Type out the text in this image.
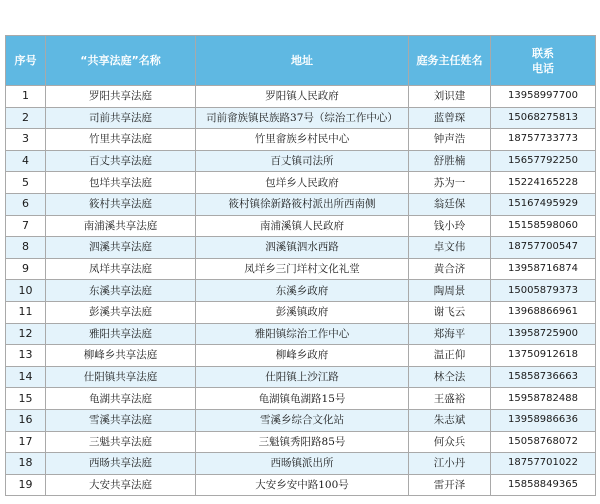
序号	“共享法庭”名称	地址	庭务主任姓名	联系
电话

1	罗阳共享法庭	罗阳镇人民政府	刘识建	13958997700
2	司前共享法庭	司前畲族镇民族路37号（综治工作中心）	蓝曾琛	15068275813
3	竹里共享法庭	竹里畲族乡村民中心	钟声浩	18757733773
4	百丈共享法庭	百丈镇司法所	舒胜楠	15657792250
5	包垟共享法庭	包垟乡人民政府	苏为一	15224165228
6	筱村共享法庭	筱村镇徐新路筱村派出所西南侧	翁廷保	15167495929
7	南浦溪共享法庭	南浦溪镇人民政府	钱小玲	15158598060
8	泗溪共享法庭	泗溪镇泗水西路	卓文伟	18757700547
9	凤垟共享法庭	凤垟乡三门垟村文化礼堂	黄合济	13958716874
10	东溪共享法庭	东溪乡政府	陶周景	15005879373
11	彭溪共享法庭	彭溪镇政府	谢飞云	13968866961
12	雅阳共享法庭	雅阳镇综治工作中心	郑海平	13958725900
13	柳峰乡共享法庭	柳峰乡政府	温正仰	13750912618
14	仕阳镇共享法庭	仕阳镇上沙江路	林仝法	15858736663
15	龟湖共享法庭	龟湖镇龟湖路15号	王盛裕	15958782488
16	雪溪共享法庭	雪溪乡综合文化站	朱志斌	13958986636
17	三魁共享法庭	三魁镇秀阳路85号	何众兵	15058768072
18	西旸共享法庭	西旸镇派出所	江小丹	18757701022
19	大安共享法庭	大安乡安中路100号	雷开泽	15858849365
